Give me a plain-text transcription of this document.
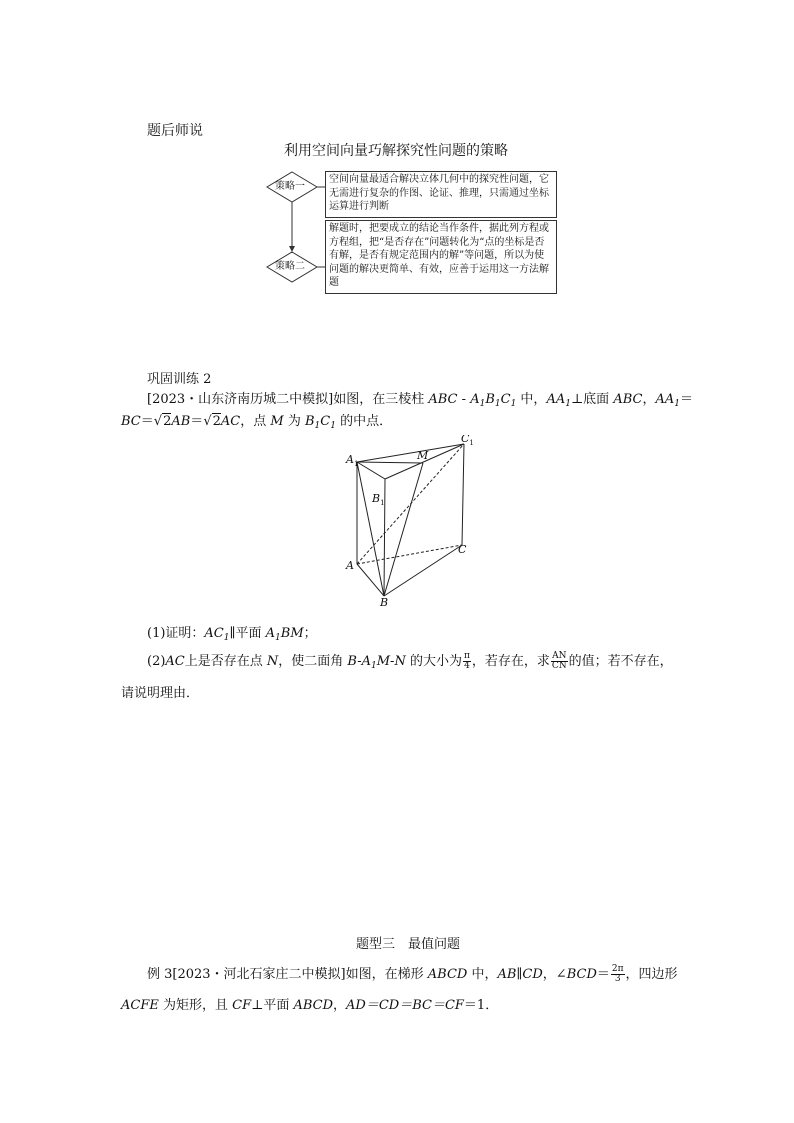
题后师说
利用空间向量巧解探究性问题的策略
策略一
策略二
空间向量最适合解决立体几何中的探究性问题，它无需进行复杂的作图、论证、推理，只需通过坐标运算进行判断
解题时，把要成立的结论当作条件，据此列方程或方程组，把“是否存在”问题转化为“点的坐标是否有解，是否有规定范围内的解”等问题，所以为使问题的解决更简单、有效，应善于运用这一方法解题
巩固训练 2
[2023・山东济南历城二中模拟]如图，在三棱柱 ABC - $A_1B_1C_1$ 中，$AA_1\perp$底面 ABC，$AA_1=$
BC＝√2AB＝√2AC，点 M 为 $B_1C_1$ 的中点．
$A_1$
$B_1$
$C_1$
M
A
B
C
(1)证明：$AC_1\parallel$平面 $A_1BM$；
(2)AC上是否存在点 N，使二面角 $B-A_1M-N$ 的大小为 $\frac{\pi}{4}$ ，若存在，求 $\frac{AN}{CN}$ 的值；若不存在，
请说明理由．
题型三　最值问题
例 3[2023・河北石家庄二中模拟]如图，在梯形 ABCD 中，AB∥CD，∠BCD＝ $\frac{2\pi}{3}$ ，四边形
ACFE 为矩形，且 CF⊥平面 ABCD，AD＝CD＝BC＝CF＝1．
